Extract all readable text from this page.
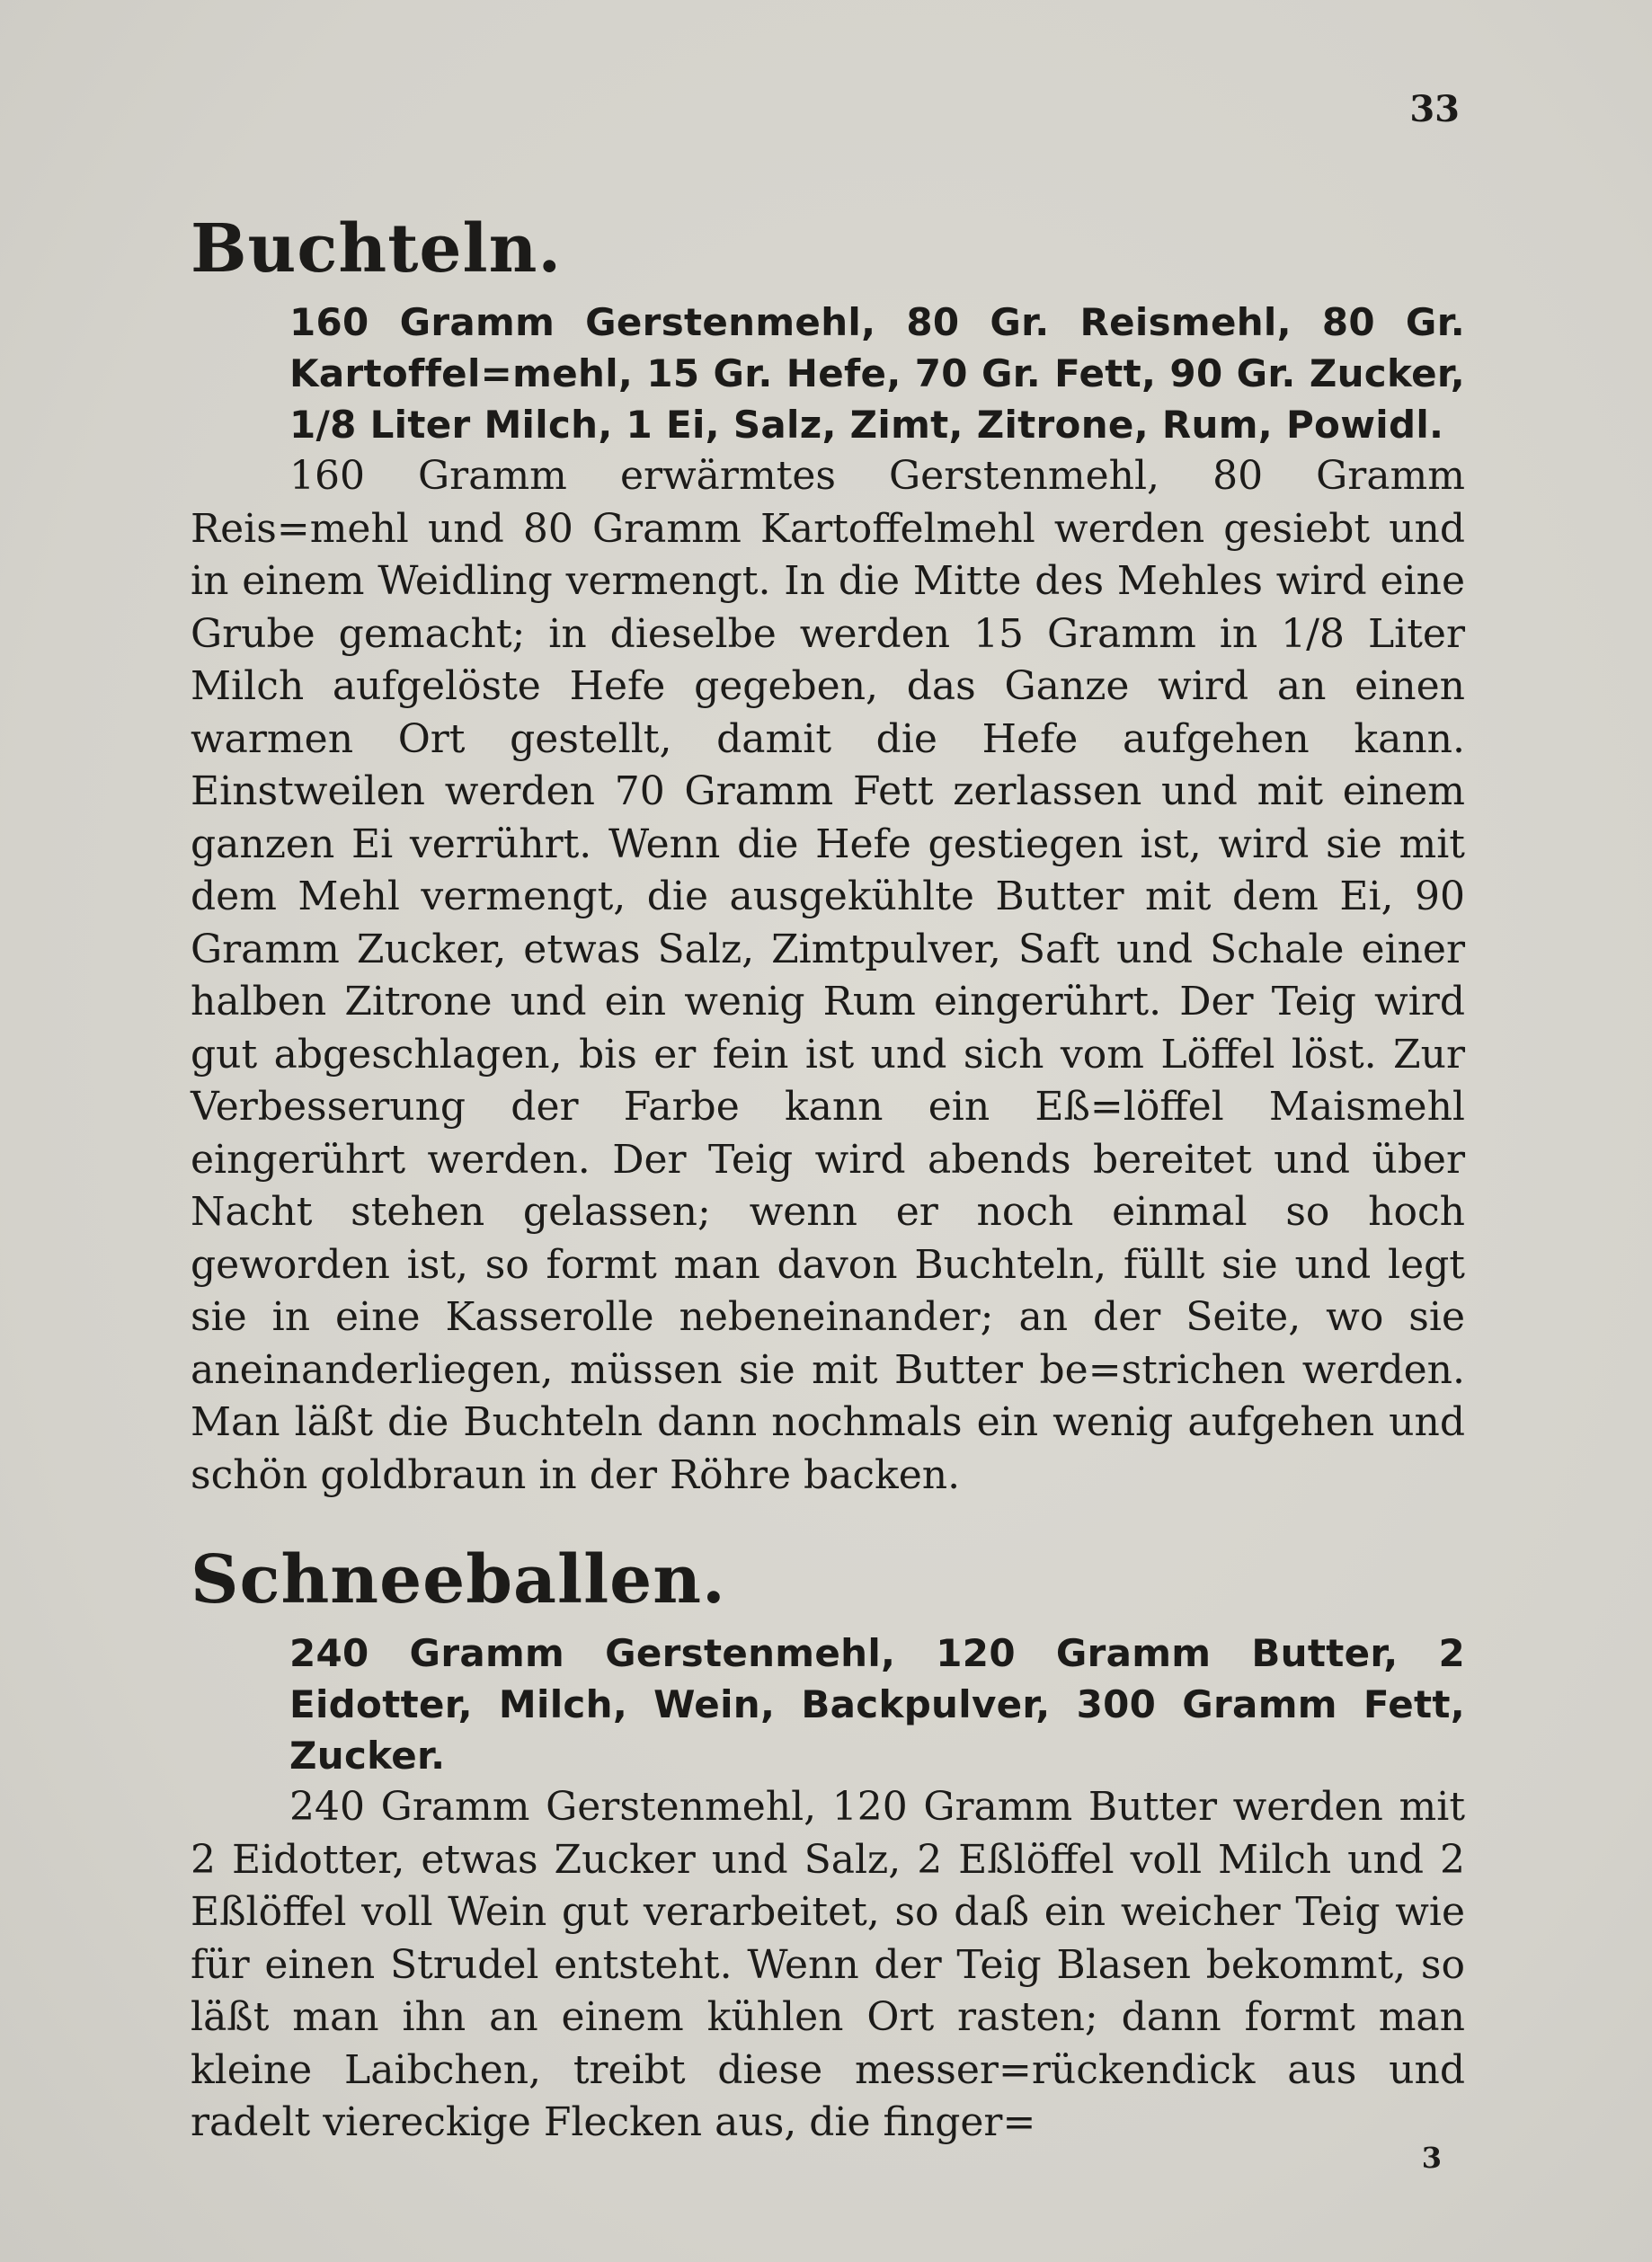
33
Buchteln.

160 Gramm Gerstenmehl, 80 Gr. Reismehl, 80 Gr. Kartoffel=mehl, 15 Gr. Hefe, 70 Gr. Fett, 90 Gr. Zucker, 1/8 Liter Milch, 1 Ei, Salz, Zimt, Zitrone, Rum, Powidl.

160 Gramm erwärmtes Gerstenmehl, 80 Gramm Reis=mehl und 80 Gramm Kartoffelmehl werden gesiebt und in einem Weidling vermengt. In die Mitte des Mehles wird eine Grube gemacht; in dieselbe werden 15 Gramm in 1/8 Liter Milch aufgelöste Hefe gegeben, das Ganze wird an einen warmen Ort gestellt, damit die Hefe aufgehen kann. Einstweilen werden 70 Gramm Fett zerlassen und mit einem ganzen Ei verrührt. Wenn die Hefe gestiegen ist, wird sie mit dem Mehl vermengt, die ausgekühlte Butter mit dem Ei, 90 Gramm Zucker, etwas Salz, Zimtpulver, Saft und Schale einer halben Zitrone und ein wenig Rum eingerührt. Der Teig wird gut abgeschlagen, bis er fein ist und sich vom Löffel löst. Zur Verbesserung der Farbe kann ein Eß=löffel Maismehl eingerührt werden. Der Teig wird abends bereitet und über Nacht stehen gelassen; wenn er noch einmal so hoch geworden ist, so formt man davon Buchteln, füllt sie und legt sie in eine Kasserolle nebeneinander; an der Seite, wo sie aneinanderliegen, müssen sie mit Butter be=strichen werden. Man läßt die Buchteln dann nochmals ein wenig aufgehen und schön goldbraun in der Röhre backen.

Schneeballen.

240 Gramm Gerstenmehl, 120 Gramm Butter, 2 Eidotter, Milch, Wein, Backpulver, 300 Gramm Fett, Zucker.

240 Gramm Gerstenmehl, 120 Gramm Butter werden mit 2 Eidotter, etwas Zucker und Salz, 2 Eßlöffel voll Milch und 2 Eßlöffel voll Wein gut verarbeitet, so daß ein weicher Teig wie für einen Strudel entsteht. Wenn der Teig Blasen bekommt, so läßt man ihn an einem kühlen Ort rasten; dann formt man kleine Laibchen, treibt diese messer=rückendick aus und radelt viereckige Flecken aus, die finger=

3
